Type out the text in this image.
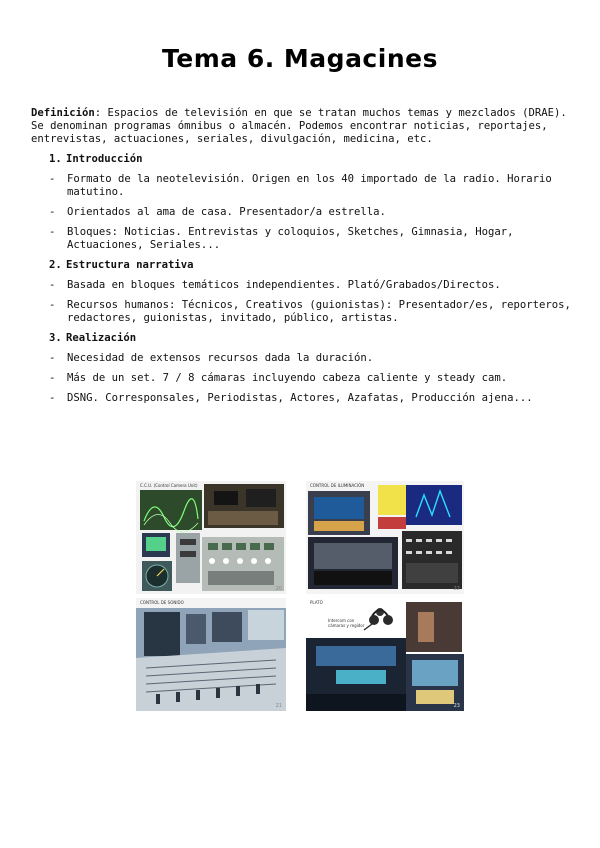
Tema 6. Magacines

Definición: Espacios de televisión en que se tratan muchos temas y mezclados (DRAE). Se denominan programas ómnibus o almacén. Podemos encontrar noticias, reportajes, entrevistas, actuaciones, seriales, divulgación, medicina, etc.

1. Introducción
-	Formato de la neotelevisión. Origen en los 40 importado de la radio. Horario matutino.
-	Orientados al ama de casa. Presentador/a estrella.
-	Bloques: Noticias. Entrevistas y coloquios, Sketches, Gimnasia, Hogar, Actuaciones, Seriales...
2. Estructura narrativa
-	Basada en bloques temáticos independientes. Plató/Grabados/Directos.
-	Recursos humanos: Técnicos, Creativos (guionistas): Presentador/es, reporteros, redactores, guionistas, invitado, público, artistas.
3. Realización
-	Necesidad de extensos recursos dada la duración.
-	Más de un set. 7 / 8 cámaras incluyendo cabeza caliente y steady cam.
-	DSNG. Corresponsales, Periodistas, Actores, Azafatas, Producción ajena...
C.C.U. (Control Camera Unit)
20
CONTROL DE ILUMINACIÓN
22
CONTROL DE SONIDO
21
PLATÓ
Intercom con cámaras y regidor
23
